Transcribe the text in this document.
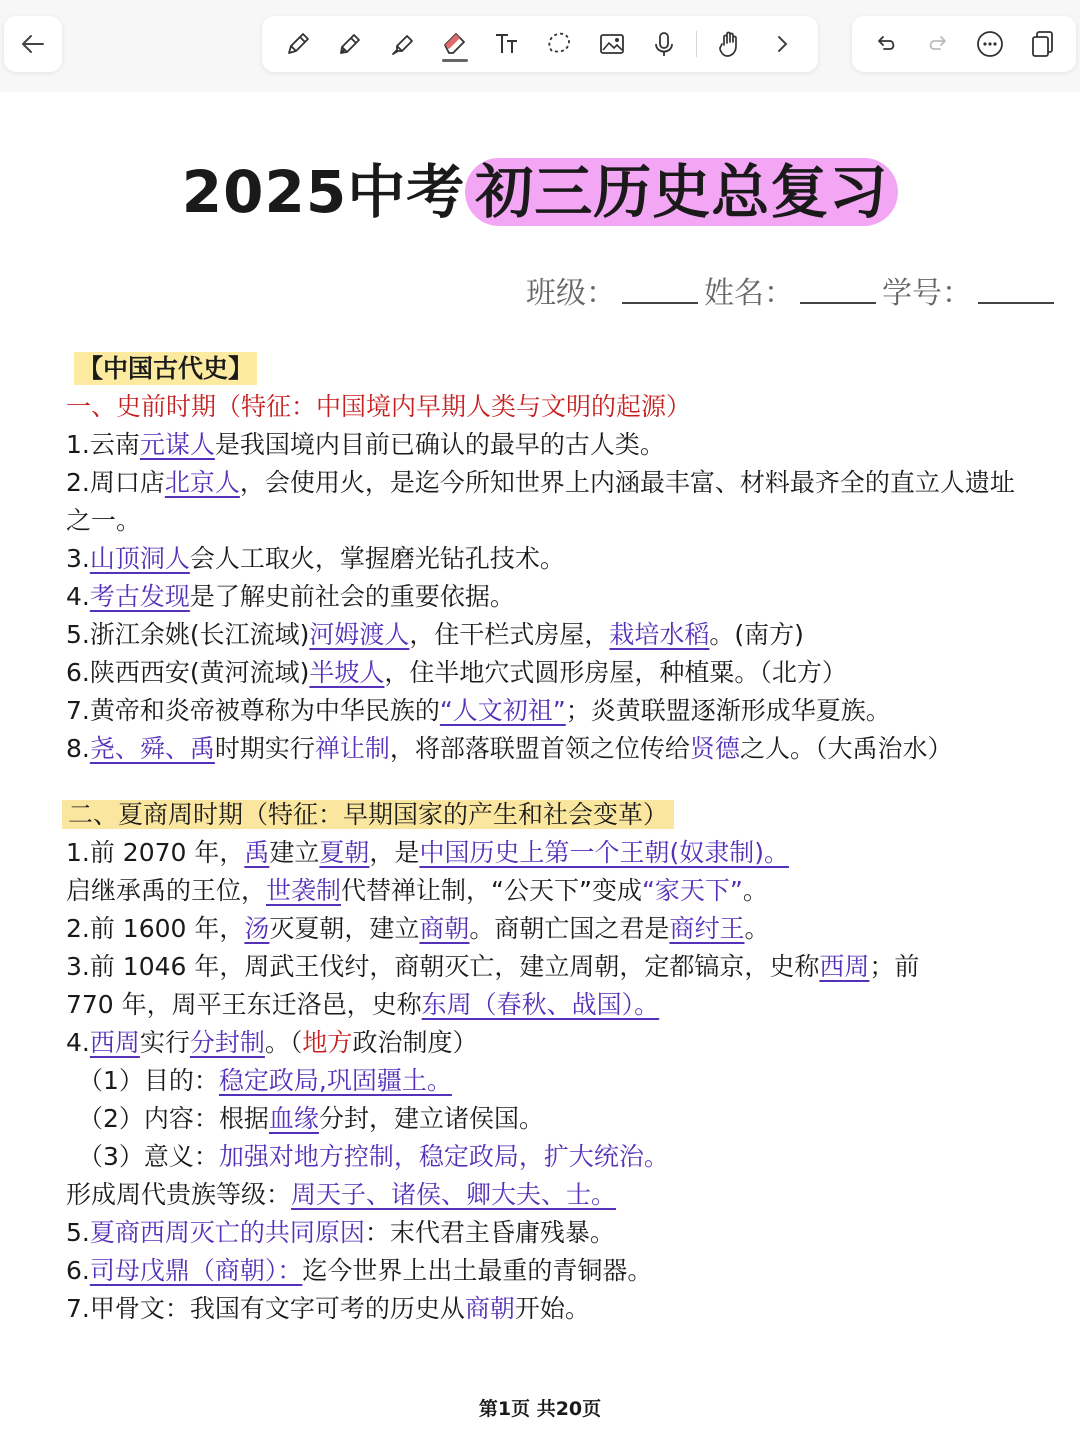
2025中考 初三历史总复习
班级：	姓名：	学号：
【中国古代史】
一、史前时期（特征：中国境内早期人类与文明的起源）
1.云南元谋人是我国境内目前已确认的最早的古人类。
2.周口店北京人，会使用火，是迄今所知世界上内涵最丰富、材料最齐全的直立人遗址之一。
3.山顶洞人会人工取火，掌握磨光钻孔技术。
4.考古发现是了解史前社会的重要依据。
5.浙江余姚(长江流域)河姆渡人，住干栏式房屋，栽培水稻。(南方)
6.陕西西安(黄河流域)半坡人，住半地穴式圆形房屋，种植粟。（北方）
7.黄帝和炎帝被尊称为中华民族的“人文初祖”；炎黄联盟逐渐形成华夏族。
8.尧、舜、禹时期实行禅让制，将部落联盟首领之位传给贤德之人。（大禹治水）
二、夏商周时期（特征：早期国家的产生和社会变革）
1.前 2070 年，禹建立夏朝，是中国历史上第一个王朝(奴隶制)。
启继承禹的王位，世袭制代替禅让制，“公天下”变成“家天下”。
2.前 1600 年，汤灭夏朝，建立商朝。商朝亡国之君是商纣王。
3.前 1046 年，周武王伐纣，商朝灭亡，建立周朝，定都镐京，史称西周；前
770 年，周平王东迁洛邑，史称东周（春秋、战国）。
4.西周实行分封制。（地方政治制度）
（1）目的：稳定政局,巩固疆土。
（2）内容：根据血缘分封，建立诸侯国。
（3）意义：加强对地方控制，稳定政局，扩大统治。
形成周代贵族等级：周天子、诸侯、卿大夫、士。
5.夏商西周灭亡的共同原因：末代君主昏庸残暴。
6.司母戊鼎（商朝）：迄今世界上出土最重的青铜器。
7.甲骨文：我国有文字可考的历史从商朝开始。
第1页 共20页
